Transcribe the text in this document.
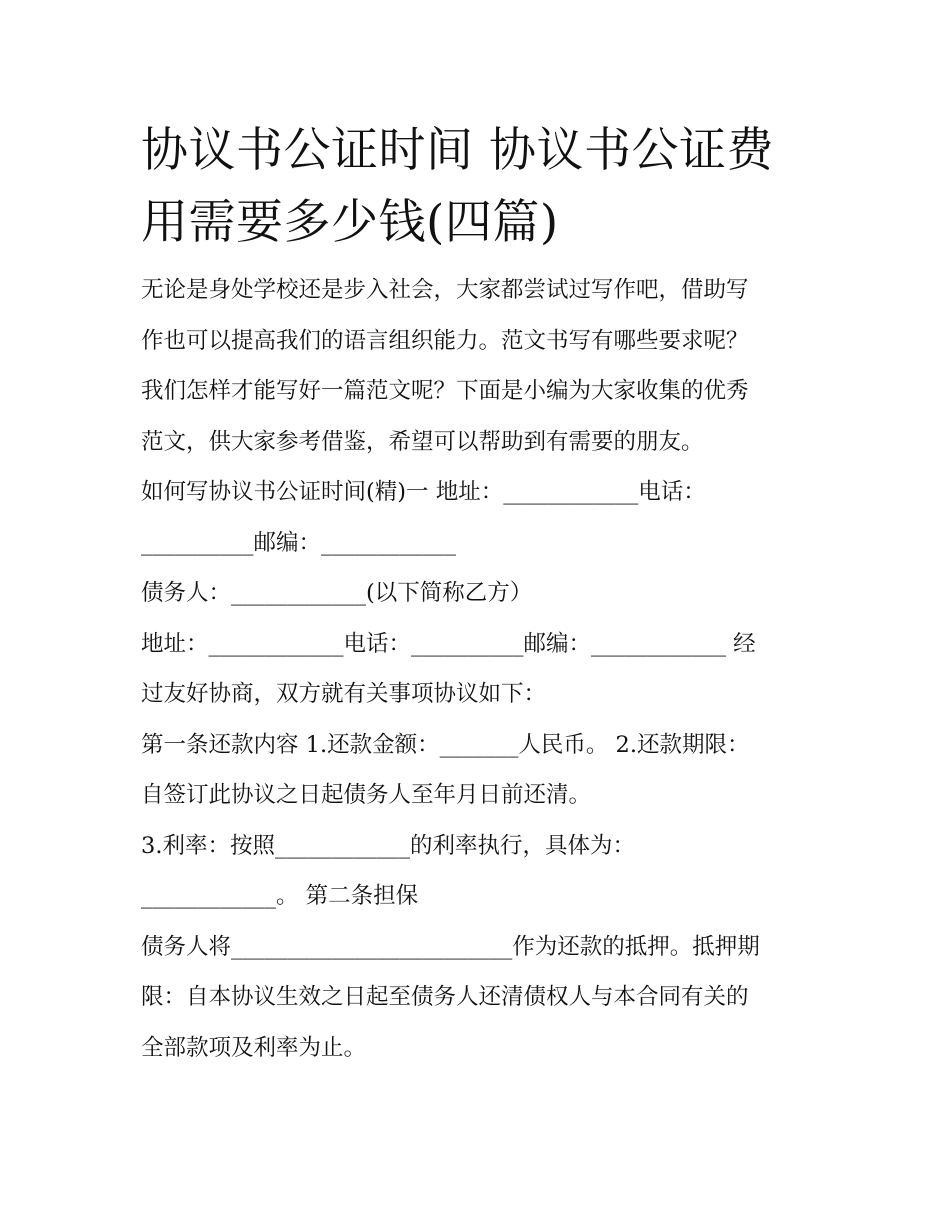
协议书公证时间 协议书公证费
用需要多少钱(四篇)

无论是身处学校还是步入社会，大家都尝试过写作吧，借助写

作也可以提高我们的语言组织能力。范文书写有哪些要求呢？

我们怎样才能写好一篇范文呢？下面是小编为大家收集的优秀

范文，供大家参考借鉴，希望可以帮助到有需要的朋友。

如何写协议书公证时间(精)一 地址：____________电话：

__________邮编：____________

债务人：____________(以下简称乙方）

地址：____________电话：__________邮编：____________ 经

过友好协商，双方就有关事项协议如下：

第一条还款内容 1.还款金额：_______人民币。 2.还款期限：

自签订此协议之日起债务人至年月日前还清。

3.利率：按照____________的利率执行，具体为：

____________。 第二条担保

债务人将_________________________作为还款的抵押。抵押期

限：自本协议生效之日起至债务人还清债权人与本合同有关的

全部款项及利率为止。
